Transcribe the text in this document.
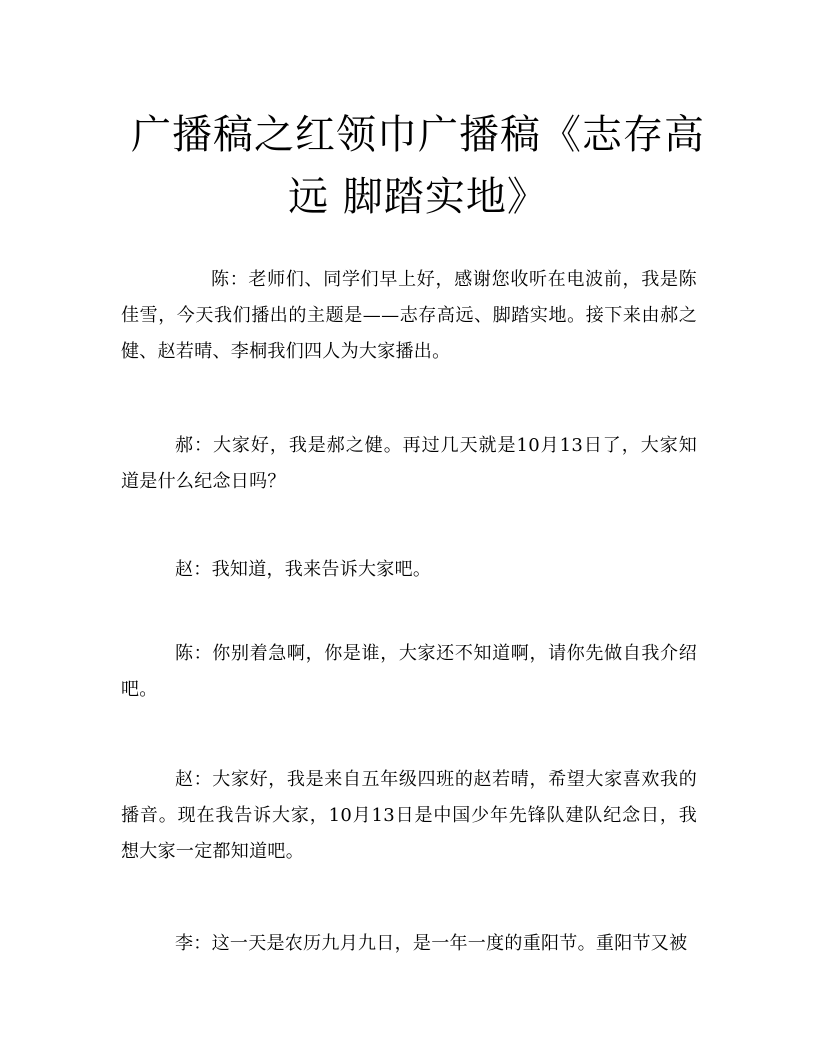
广播稿之红领巾广播稿《志存高远 脚踏实地》

陈：老师们、同学们早上好，感谢您收听在电波前，我是陈佳雪，今天我们播出的主题是——志存高远、脚踏实地。接下来由郝之健、赵若晴、李桐我们四人为大家播出。

郝：大家好，我是郝之健。再过几天就是10月13日了，大家知道是什么纪念日吗？

赵：我知道，我来告诉大家吧。

陈：你别着急啊，你是谁，大家还不知道啊，请你先做自我介绍吧。

赵：大家好，我是来自五年级四班的赵若晴，希望大家喜欢我的播音。现在我告诉大家，10月13日是中国少年先锋队建队纪念日，我想大家一定都知道吧。

李：这一天是农历九月九日，是一年一度的重阳节。重阳节又被
